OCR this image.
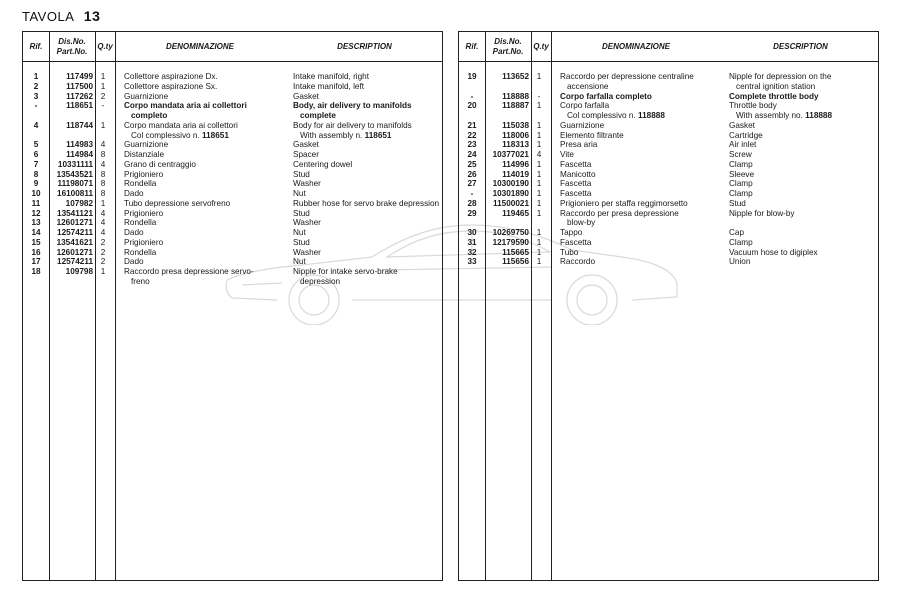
TAVOLA 13
Rif.
Dis.No.
Part.No.
Q.ty	DENOMINAZIONE	DESCRIPTION
1	117499 1	Collettore aspirazione Dx.	Intake manifold, right
2	117500 1	Collettore aspirazione Sx.	Intake manifold, left
3	117262 2	Guarnizione	Gasket
-	118651	-	Corpo mandata aria ai collettori	Body, air delivery to manifolds
completo	complete
4	118744 1	Corpo mandata aria ai collettori	Body for air delivery to manifolds
Col complessivo n. 118651	With assembly n. 118651
5	114983 4	Guarnizione	Gasket
6	114984 8	Distanziale	Spacer
7	10331111 4	Grano di centraggio	Centering dowel
8	13543521 8	Prigioniero	Stud
9	11198071 8	Rondella	Washer
10	16100811 8	Dado	Nut
11	107982 1	Tubo depressione servofreno	Rubber hose for servo brake depression
12	13541121 4	Prigioniero	Stud
13	12601271 4	Rondella	Washer
14	12574211 4	Dado	Nut
15	13541621 2	Prigioniero	Stud
16	12601271 2	Rondella	Washer
17	12574211 2	Dado	Nut
18	109798 1	Raccordo presa depressione servo-	Nipple for intake servo-brake
freno	depression
Rif.
Dis.No.
Part.No.
Q.ty	DENOMINAZIONE	DESCRIPTION
19	113652 1	Raccordo per depressione centraline	Nipple for depression on the
accensione	central ignition station
-	118888	-	Corpo farfalla completo	Complete throttle body
20	118887 1	Corpo farfalla	Throttle body
Col complessivo n. 118888	With assembly no. 118888
21	115038 1	Guarnizione	Gasket
22	118006 1	Elemento filtrante	Cartridge
23	118313 1	Presa aria	Air inlet
24	10377021 4	Vite	Screw
25	114996 1	Fascetta	Clamp
26	114019 1	Manicotto	Sleeve
27	10300190 1	Fascetta	Clamp
-	10301890 1	Fascetta	Clamp
28	11500021 1	Prigioniero per staffa reggimorsetto	Stud
29	119465 1	Raccordo per presa depressione	Nipple for blow-by
blow-by
30	10269750 1	Tappo	Cap
31	12179590 1	Fascetta	Clamp
32	115665 1	Tubo	Vacuum hose to digiplex
33	115656 1	Raccordo	Union
